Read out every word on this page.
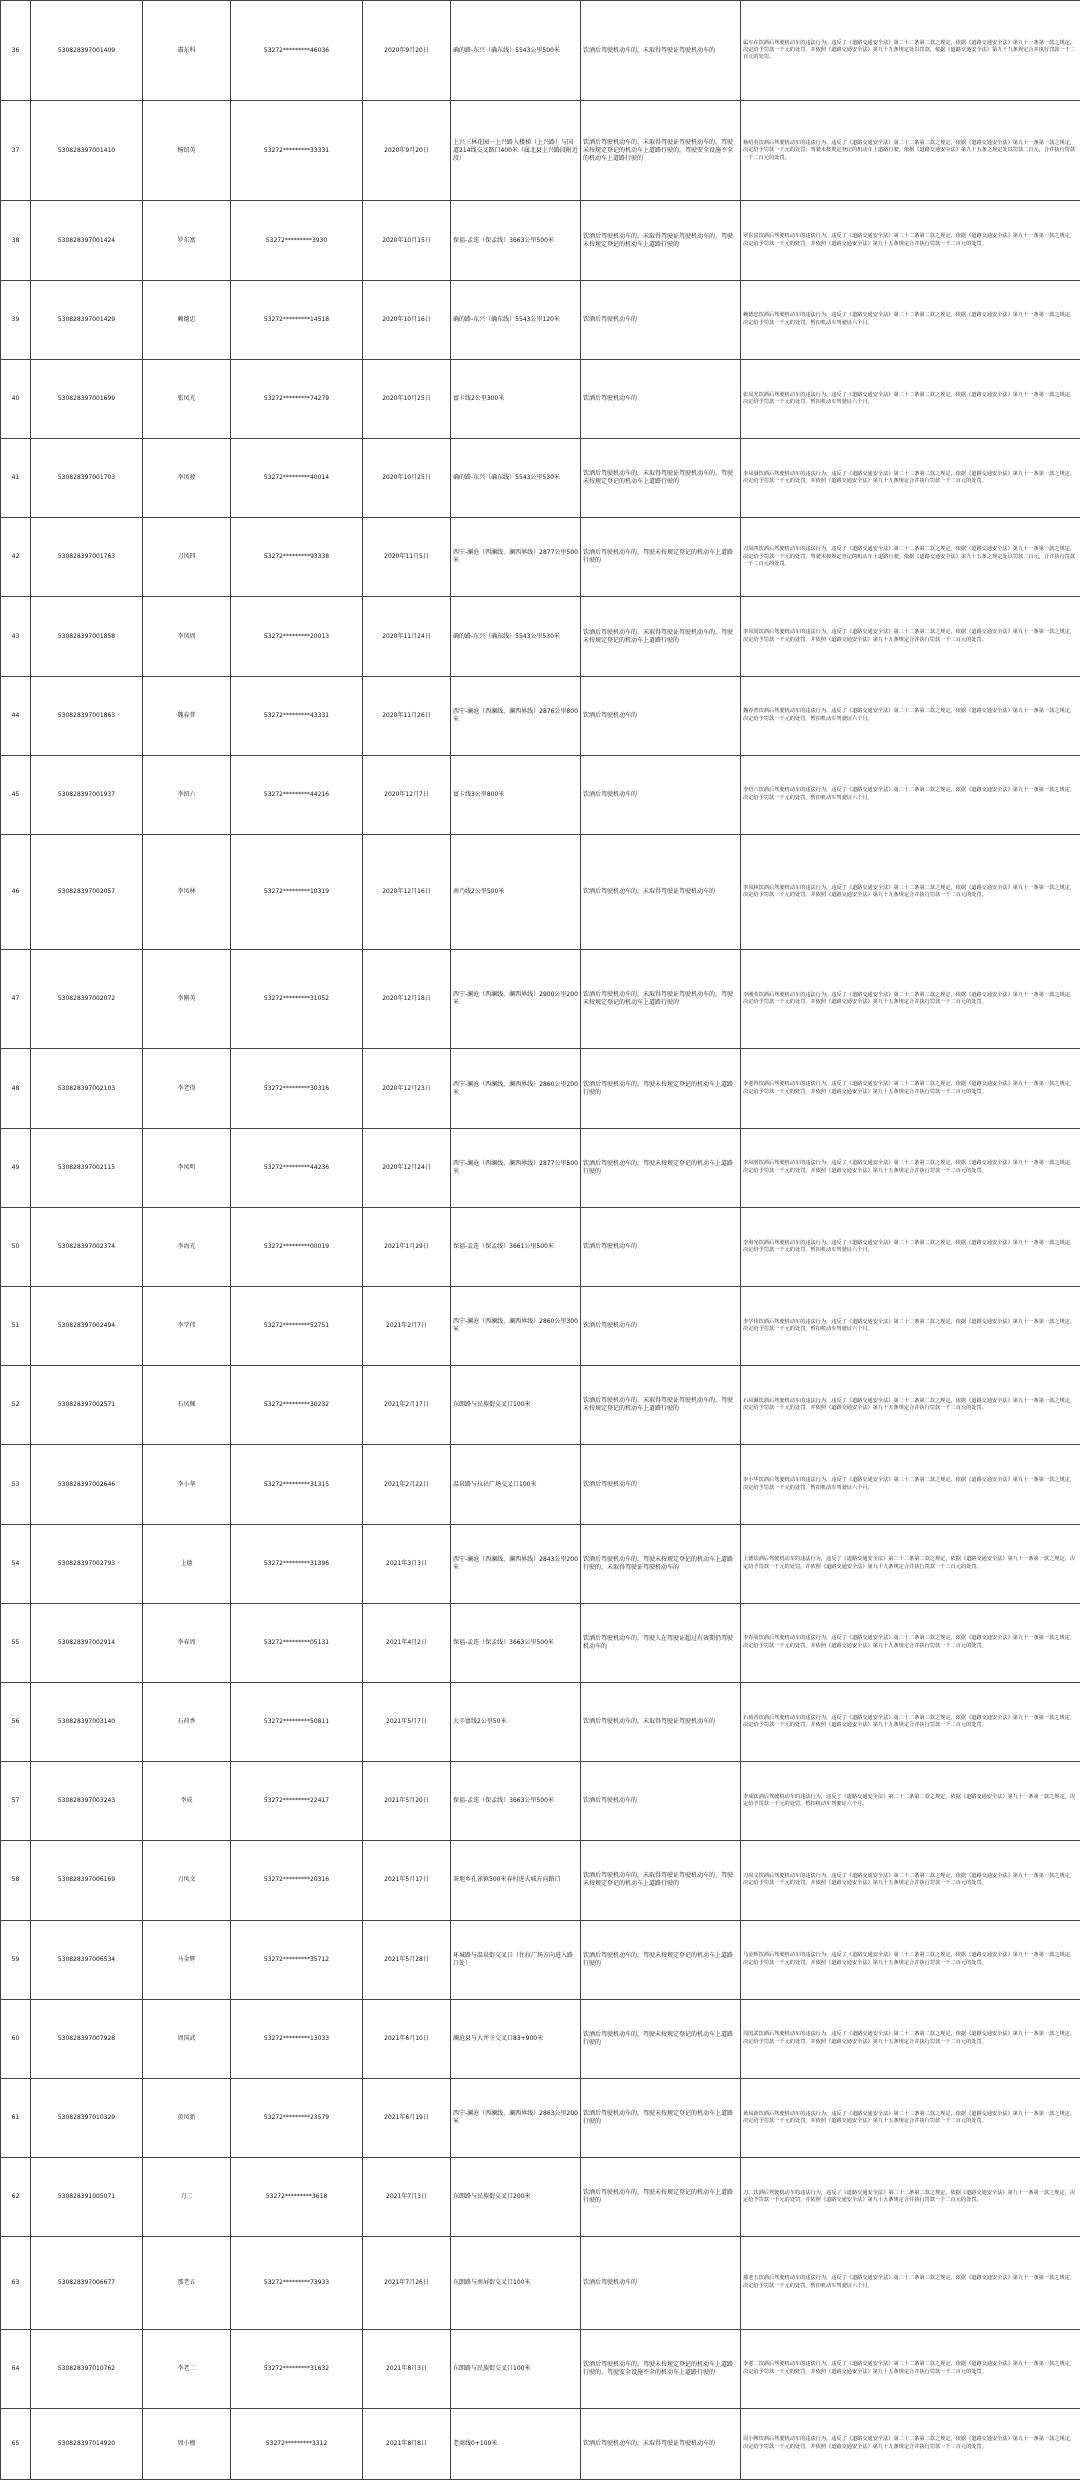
36	530828397001409	肅东科	53272*********46036	2020年9月20日	确的路-东兴（确东线）5543公里500米	饮酒后驾驶机动车的，未取得驾驶证驾驶机动车的	属车在饮酒后驾驶机动车的违法行为，违反了《道路交通安全法》第二十二条第二款之规定，依据《道路交通安全法》第九十一条第一款之规定，决定给予罚款一千元的处罚，并依照《道路交通安全法》第九十九条规定处以罚款，依据《道路交通安全法》第九十九条规定合并执行罚款一千二百元的处罚。
37	530828397001410	杨绍英	53272*********33331	2020年9月20日	上兴三林花园一上兴路入楼梯（上兴路）与国道214线交叉路口400米（属北县上兴路段附近段）	饮酒后驾驶机动车的，未取得驾驶证驾驶机动车的，驾驶未按规定登记的机动车上道路行驶的，驾驶安全设施不全的机动车上道路行驶的	杨绍英饮酒后驾驶机动车的违法行为，违反了《道路交通安全法》第二十二条第二款之规定，依据《道路交通安全法》第九十一条第一款之规定，决定给予罚款一千元的处罚；驾驶未按规定登记的机动车上道路行驶，依据《道路交通安全法》第九十五条之规定处以罚款二百元，合并执行罚款一千二百元的处罚。
38	530828397001424	罗东富	53272*********3930	2020年10月15日	保福-孟连（保孟线）3663公里500米	饮酒后驾驶机动车的，未取得驾驶证驾驶机动车的，驾驶未按规定登记的机动车上道路行驶的	罗东富饮酒后驾驶机动车的违法行为，违反了《道路交通安全法》第二十二条第二款之规定，依据《道路交通安全法》第九十一条第一款之规定，决定给予罚款一千元的处罚，并依照《道路交通安全法》第九十五条规定合并执行罚款一千二百元的处罚。
39	530828397001429	赖德忠	53272*********14518	2020年10月16日	确的路-东兴（确东线）5543公里120米	饮酒后驾驶机动车的	赖德忠饮酒后驾驶机动车的违法行为，违反了《道路交通安全法》第二十二条第二款之规定，依据《道路交通安全法》第九十一条第一款之规定，决定给予罚款一千元的处罚，暂扣机动车驾驶证六个月。
40	530828397001699	张凤光	53272*********74279	2020年10月25日	富卡线2公里300米	饮酒后驾驶机动车的	张凤光饮酒后驾驶机动车的违法行为，违反了《道路交通安全法》第二十二条第二款之规定，依据《道路交通安全法》第九十一条第一款之规定，决定给予罚款一千元的处罚，暂扣机动车驾驶证六个月。
41	530828397001703	李凤發	53272*********40014	2020年10月25日	确的路-东兴（确东线）5543公里530米	饮酒后驾驶机动车的，未取得驾驶证驾驶机动车的，驾驶未按规定登记的机动车上道路行驶的	李凤發饮酒后驾驶机动车的违法行为，违反了《道路交通安全法》第二十二条第二款之规定，依据《道路交通安全法》第九十一条第一款之规定，决定给予罚款一千元的处罚，并依照《道路交通安全法》第九十九条规定合并执行罚款一千二百元的处罚。
42	530828397001763	刀凤四	53272*********93338	2020年11月5日	西宁-澜沧（西澜线，澜西界线）2877公里500米	饮酒后驾驶机动车的，驾驶未按规定登记的机动车上道路行驶的	刀凤四饮酒后驾驶机动车的违法行为，违反了《道路交通安全法》第二十二条第二款之规定，依据《道路交通安全法》第九十一条第一款之规定，决定给予罚款一千元的处罚，驾驶未按规定登记的机动车上道路行驶，依据《道路交通安全法》第九十五条之规定处以罚款二百元，合并执行罚款一千二百元的处罚。
43	530828397001858	李凤周	53272*********20013	2020年11月24日	确的路-东兴（确东线）5543公里530米	饮酒后驾驶机动车的，未取得驾驶证驾驶机动车的，驾驶未按规定登记的机动车上道路行驶的	李凤周饮酒后驾驶机动车的违法行为，违反了《道路交通安全法》第二十二条第二款之规定，依据《道路交通安全法》第九十一条第一款之规定，决定给予罚款一千元的处罚，并依照《道路交通安全法》第九十九条规定合并执行罚款一千二百元的处罚。
44	530828397001863	魏春普	53272*********43331	2020年11月26日	西宁-澜沧（西澜线，澜西界线）2876公里800米	饮酒后驾驶机动车的	魏春普饮酒后驾驶机动车的违法行为，违反了《道路交通安全法》第二十二条第二款之规定，依据《道路交通安全法》第九十一条第一款之规定，决定给予罚款一千元的处罚，暂扣机动车驾驶证六个月。
45	530828397001937	李绍六	53272*********44216	2020年12月7日	富卡线3公里800米	饮酒后驾驶机动车的	李绍六饮酒后驾驶机动车的违法行为，违反了《道路交通安全法》第二十二条第二款之规定，依据《道路交通安全法》第九十一条第一款之规定，决定给予罚款一千元的处罚，暂扣机动车驾驶证六个月。
46	530828397002057	李凤林	53272*********10319	2020年12月16日	南乃线2公里500米	饮酒后驾驶机动车的，未取得驾驶证驾驶机动车的	李凤林饮酒后驾驶机动车的违法行为，违反了《道路交通安全法》第二十二条第二款之规定，依据《道路交通安全法》第九十一条第一款之规定，决定给予罚款一千元的处罚，并依照《道路交通安全法》第九十九条规定合并执行罚款一千二百元的处罚。
47	530828397002072	李刚英	53272*********31052	2020年12月18日	西宁-澜沧（西澜线，澜西界线）2900公里200米	饮酒后驾驶机动车的，未取得驾驶证驾驶机动车的，驾驶未按规定登记的机动车上道路行驶的	李刚英饮酒后驾驶机动车的违法行为，违反了《道路交通安全法》第二十二条第二款之规定，依据《道路交通安全法》第九十一条第一款之规定，决定给予罚款一千元的处罚，并依照《道路交通安全法》第九十五条规定合并执行罚款一千二百元的处罚。
48	530828397002103	李老得	53272*********30316	2020年12月23日	西宁-澜沧（西澜线，澜西界线）2860公里200米	饮酒后驾驶机动车的，驾驶未按规定登记的机动车上道路行驶的	李老得饮酒后驾驶机动车的违法行为，违反了《道路交通安全法》第二十二条第二款之规定，依据《道路交通安全法》第九十一条第一款之规定，决定给予罚款一千元的处罚，并依照《道路交通安全法》第九十五条规定合并执行罚款一千二百元的处罚。
49	530828397002115	李凤明	53272*********44236	2020年12月24日	西宁-澜沧（西澜线，澜西界线）2877公里500米	饮酒后驾驶机动车的，驾驶未按规定登记的机动车上道路行驶的	李凤明饮酒后驾驶机动车的违法行为，违反了《道路交通安全法》第二十二条第二款之规定，依据《道路交通安全法》第九十一条第一款之规定，决定给予罚款一千元的处罚，并依照《道路交通安全法》第九十五条规定合并执行罚款一千二百元的处罚。
50	530828397002374	李海光	53272*********00019	2021年1月29日	保福-孟连（保孟线）3661公里500米	饮酒后驾驶机动车的	李海光饮酒后驾驶机动车的违法行为，违反了《道路交通安全法》第二十二条第二款之规定，依据《道路交通安全法》第九十一条第一款之规定，决定给予罚款一千元的处罚，暂扣机动车驾驶证六个月。
51	530828397002494	李学伟	53272*********52751	2021年2月7日	西宁-澜沧（西澜线，澜西界线）2860公里300米	饮酒后驾驶机动车的	李学伟饮酒后驾驶机动车的违法行为，违反了《道路交通安全法》第二十二条第二款之规定，依据《道路交通安全法》第九十一条第一款之规定，决定给予罚款一千元的处罚，暂扣机动车驾驶证六个月。
52	530828397002571	石凤佩	53272*********30232	2021年2月17日	东朗路与民族街交叉口100米	饮酒后驾驶机动车的，未取得驾驶证驾驶机动车的，驾驶未按规定登记的机动车上道路行驶的	石凤佩饮酒后驾驶机动车的违法行为，违反了《道路交通安全法》第二十二条第二款之规定，依据《道路交通安全法》第九十一条第一款之规定，决定给予罚款一千元的处罚，并依照《道路交通安全法》第九十五条规定合并执行罚款一千二百元的处罚。
53	530828397002646	李小华	53272*********31315	2021年2月22日	温泉路与拉祜广场交叉口100米	饮酒后驾驶机动车的	李小华饮酒后驾驶机动车的违法行为，违反了《道路交通安全法》第二十二条第二款之规定，依据《道路交通安全法》第九十一条第一款之规定，决定给予罚款一千元的处罚，暂扣机动车驾驶证六个月。
54	530828397002793	上德	53272*********31396	2021年3月3日	西宁-澜沧（西澜线，澜西界线）2843公里200米	饮酒后驾驶机动车的，驾驶未按规定登记的机动车上道路行驶的，未取得驾驶证驾驶机动车的	上德饮酒后驾驶机动车的违法行为，违反了《道路交通安全法》第二十二条第二款之规定，依据《道路交通安全法》第九十一条第一款之规定，决定给予罚款一千元的处罚，并依照《道路交通安全法》第九十九条规定合并执行罚款一千二百元的处罚。
55	530828397002914	李春周	53272*********05131	2021年4月2日	保福-孟连（保孟线）3663公里500米	饮酒后驾驶机动车的，驾驶人在驾驶证超过有效期仍驾驶机动车的	李春周饮酒后驾驶机动车的违法行为，违反了《道路交通安全法》第二十二条第二款之规定，依据《道路交通安全法》第九十一条第一款之规定，决定给予罚款一千元的处罚，并依照《道路交通安全法》第九十九条规定合并执行罚款一千二百元的处罚。
56	530828397003140	石荷香	53272*********50811	2021年5月7日	大辛富线2公里50米	饮酒后驾驶机动车的，未取得驾驶证驾驶机动车的	石荷香饮酒后驾驶机动车的违法行为，违反了《道路交通安全法》第二十二条第二款之规定，依据《道路交通安全法》第九十一条第一款之规定，决定给予罚款一千元的处罚，并依照《道路交通安全法》第九十九条规定合并执行罚款一千二百元的处罚。
57	530828397003243	李成	53272*********22417	2021年5月20日	保福-孟连（保孟线）3663公里500米	饮酒后驾驶机动车的	李成饮酒后驾驶机动车的违法行为，违反了《道路交通安全法》第二十二条第二款之规定，依据《道路交通安全法》第九十一条第一款之规定，决定给予罚款一千元的处罚，暂扣机动车驾驶证六个月。
58	530828397006169	刀凤文	53272*********20316	2021年5月17日	茶地乡孔雀镇500米春村进大城方向路口	饮酒后驾驶机动车的，未取得驾驶证驾驶机动车的，驾驶未按规定登记的机动车上道路行驶的	刀凤文饮酒后驾驶机动车的违法行为，违反了《道路交通安全法》第二十二条第二款之规定，依据《道路交通安全法》第九十一条第一款之规定，决定给予罚款一千元的处罚，并依照《道路交通安全法》第九十五条规定合并执行罚款一千二百元的处罚。
59	530828397006534	马金辉	53272*********35712	2021年5月28日	环城路与温泉街交叉口（往拉广场方向进入路口处）	饮酒后驾驶机动车的，驾驶未按规定登记的机动车上道路行驶的	马金辉饮酒后驾驶机动车的违法行为，违反了《道路交通安全法》第二十二条第二款之规定，依据《道路交通安全法》第九十一条第一款之规定，决定给予罚款一千元的处罚，并依照《道路交通安全法》第九十五条规定合并执行罚款一千二百元的处罚。
60	530828397007928	周国武	53272*********13033	2021年6月10日	澜沧县与大井寺交叉口83+900米	饮酒后驾驶机动车的，驾驶未按规定登记的机动车上道路行驶的	周国武饮酒后驾驶机动车的违法行为，违反了《道路交通安全法》第二十二条第二款之规定，依据《道路交通安全法》第九十一条第一款之规定，决定给予罚款一千元的处罚，并依照《道路交通安全法》第九十五条规定合并执行罚款一千二百元的处罚。
61	530828397010329	黄凤新	53272*********23579	2021年6月19日	西宁-澜沧（西澜线，澜西界线）2863公里200米	饮酒后驾驶机动车的，驾驶未按规定登记的机动车上道路行驶的	黄凤新饮酒后驾驶机动车的违法行为，违反了《道路交通安全法》第二十二条第二款之规定，依据《道路交通安全法》第九十一条第一款之规定，决定给予罚款一千元的处罚，并依照《道路交通安全法》第九十五条规定合并执行罚款一千二百元的处罚。
62	530828391005071	刀二	53272*********3618	2021年7月3日	东朗路与民族街交叉口200米	饮酒后驾驶机动车的，驾驶未按规定登记的机动车上道路行驶的	刀二饮酒后驾驶机动车的违法行为，违反了《道路交通安全法》第二十二条第二款之规定，依据《道路交通安全法》第九十一条第一款之规定，决定给予罚款一千元的处罚，并依照《道路交通安全法》第九十五条规定合并执行罚款一千二百元的处罚。
63	530828397006677	那老五	53272*********73933	2021年7月26日	东朗路与南屏街交叉口100米	饮酒后驾驶机动车的	那老五饮酒后驾驶机动车的违法行为，违反了《道路交通安全法》第二十二条第二款之规定，依据《道路交通安全法》第九十一条第一款之规定，决定给予罚款一千元的处罚，暂扣机动车驾驶证六个月。
64	530828397010762	李老二	53272*********31632	2021年8月3日	东朗路与民族街交叉口100米	饮酒后驾驶机动车的，驾驶未按规定登记的机动车上道路行驶的，驾驶安全设施不全的机动车上道路行驶的	李老二饮酒后驾驶机动车的违法行为，违反了《道路交通安全法》第二十二条第二款之规定，依据《道路交通安全法》第九十一条第一款之规定，决定给予罚款一千元的处罚，并依照《道路交通安全法》第九十五条规定合并执行罚款一千二百元的处罚。
65	530828397014920	周小穆	53272*********3312	2021年8月8日	老商线0+100米	饮酒后驾驶机动车的，未取得驾驶证驾驶机动车的	周小穆饮酒后驾驶机动车的违法行为，违反了《道路交通安全法》第二十二条第二款之规定，依据《道路交通安全法》第九十一条第一款之规定，决定给予罚款一千元的处罚，并依照《道路交通安全法》第九十九条规定合并执行罚款一千二百元的处罚。
